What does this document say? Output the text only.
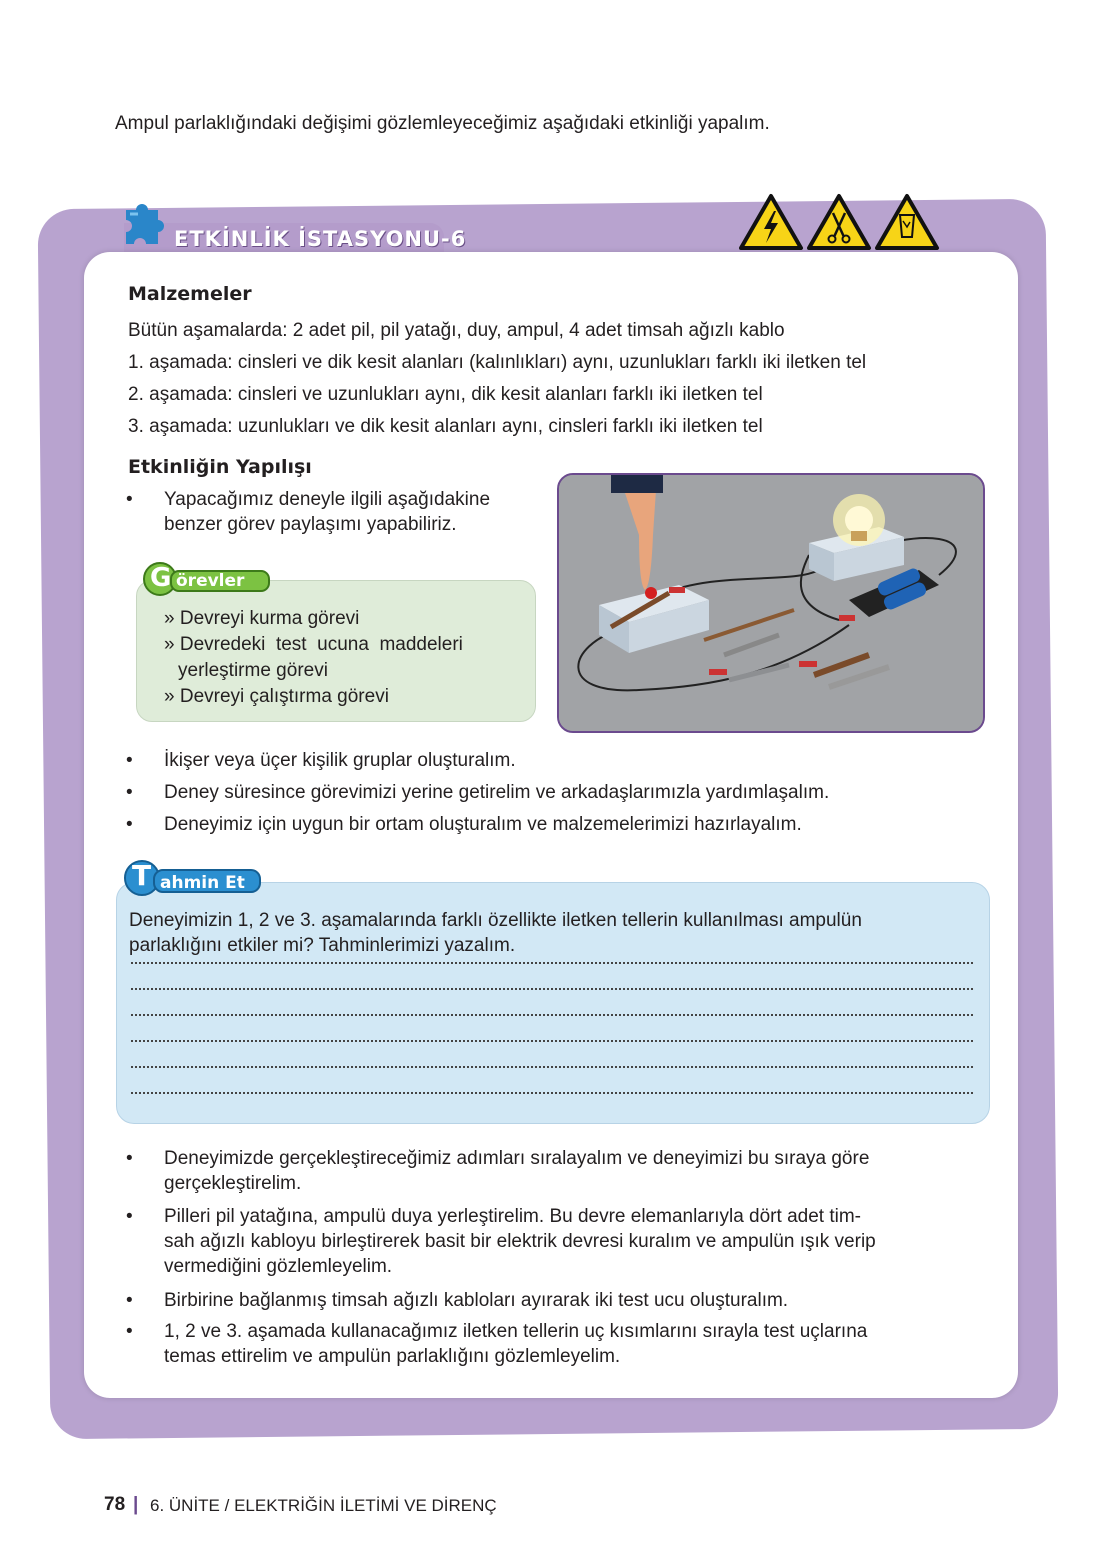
Ampul parlaklığındaki değişimi gözlemleyeceğimiz aşağıdaki etkinliği yapalım.
ETKİNLİK İSTASYONU-6
Malzemeler
Bütün aşamalarda: 2 adet pil, pil yatağı, duy, ampul, 4 adet timsah ağızlı kablo
1. aşamada: cinsleri ve dik kesit alanları (kalınlıkları) aynı, uzunlukları farklı iki iletken tel
2. aşamada: cinsleri ve uzunlukları aynı, dik kesit alanları farklı iki iletken tel
3. aşamada: uzunlukları ve dik kesit alanları aynı, cinsleri farklı iki iletken tel
Etkinliğin Yapılışı
• Yapacağımız deneyle ilgili aşağıdakine
benzer görev paylaşımı yapabiliriz.
G örevler
» Devreyi kurma görevi
» Devredeki  test  ucuna  maddeleri
yerleştirme görevi
» Devreyi çalıştırma görevi
• İkişer veya üçer kişilik gruplar oluşturalım.
• Deney süresince görevimizi yerine getirelim ve arkadaşlarımızla yardımlaşalım.
• Deneyimiz için uygun bir ortam oluşturalım ve malzemelerimizi hazırlayalım.
T ahmin Et
Deneyimizin 1, 2 ve 3. aşamalarında farklı özellikte iletken tellerin kullanılması ampulün
parlaklığını etkiler mi? Tahminlerimizi yazalım.
• Deneyimizde gerçekleştireceğimiz adımları sıralayalım ve deneyimizi bu sıraya göre
gerçekleştirelim.
• Pilleri pil yatağına, ampulü duya yerleştirelim. Bu devre elemanlarıyla dört adet tim-
sah ağızlı kabloyu birleştirerek basit bir elektrik devresi kuralım ve ampulün ışık verip
vermediğini gözlemleyelim.
• Birbirine bağlanmış timsah ağızlı kabloları ayırarak iki test ucu oluşturalım.
• 1, 2 ve 3. aşamada kullanacağımız iletken tellerin uç kısımlarını sırayla test uçlarına
temas ettirelim ve ampulün parlaklığını gözlemleyelim.
78 | 6. ÜNİTE / ELEKTRİĞİN İLETİMİ VE DİRENÇ
